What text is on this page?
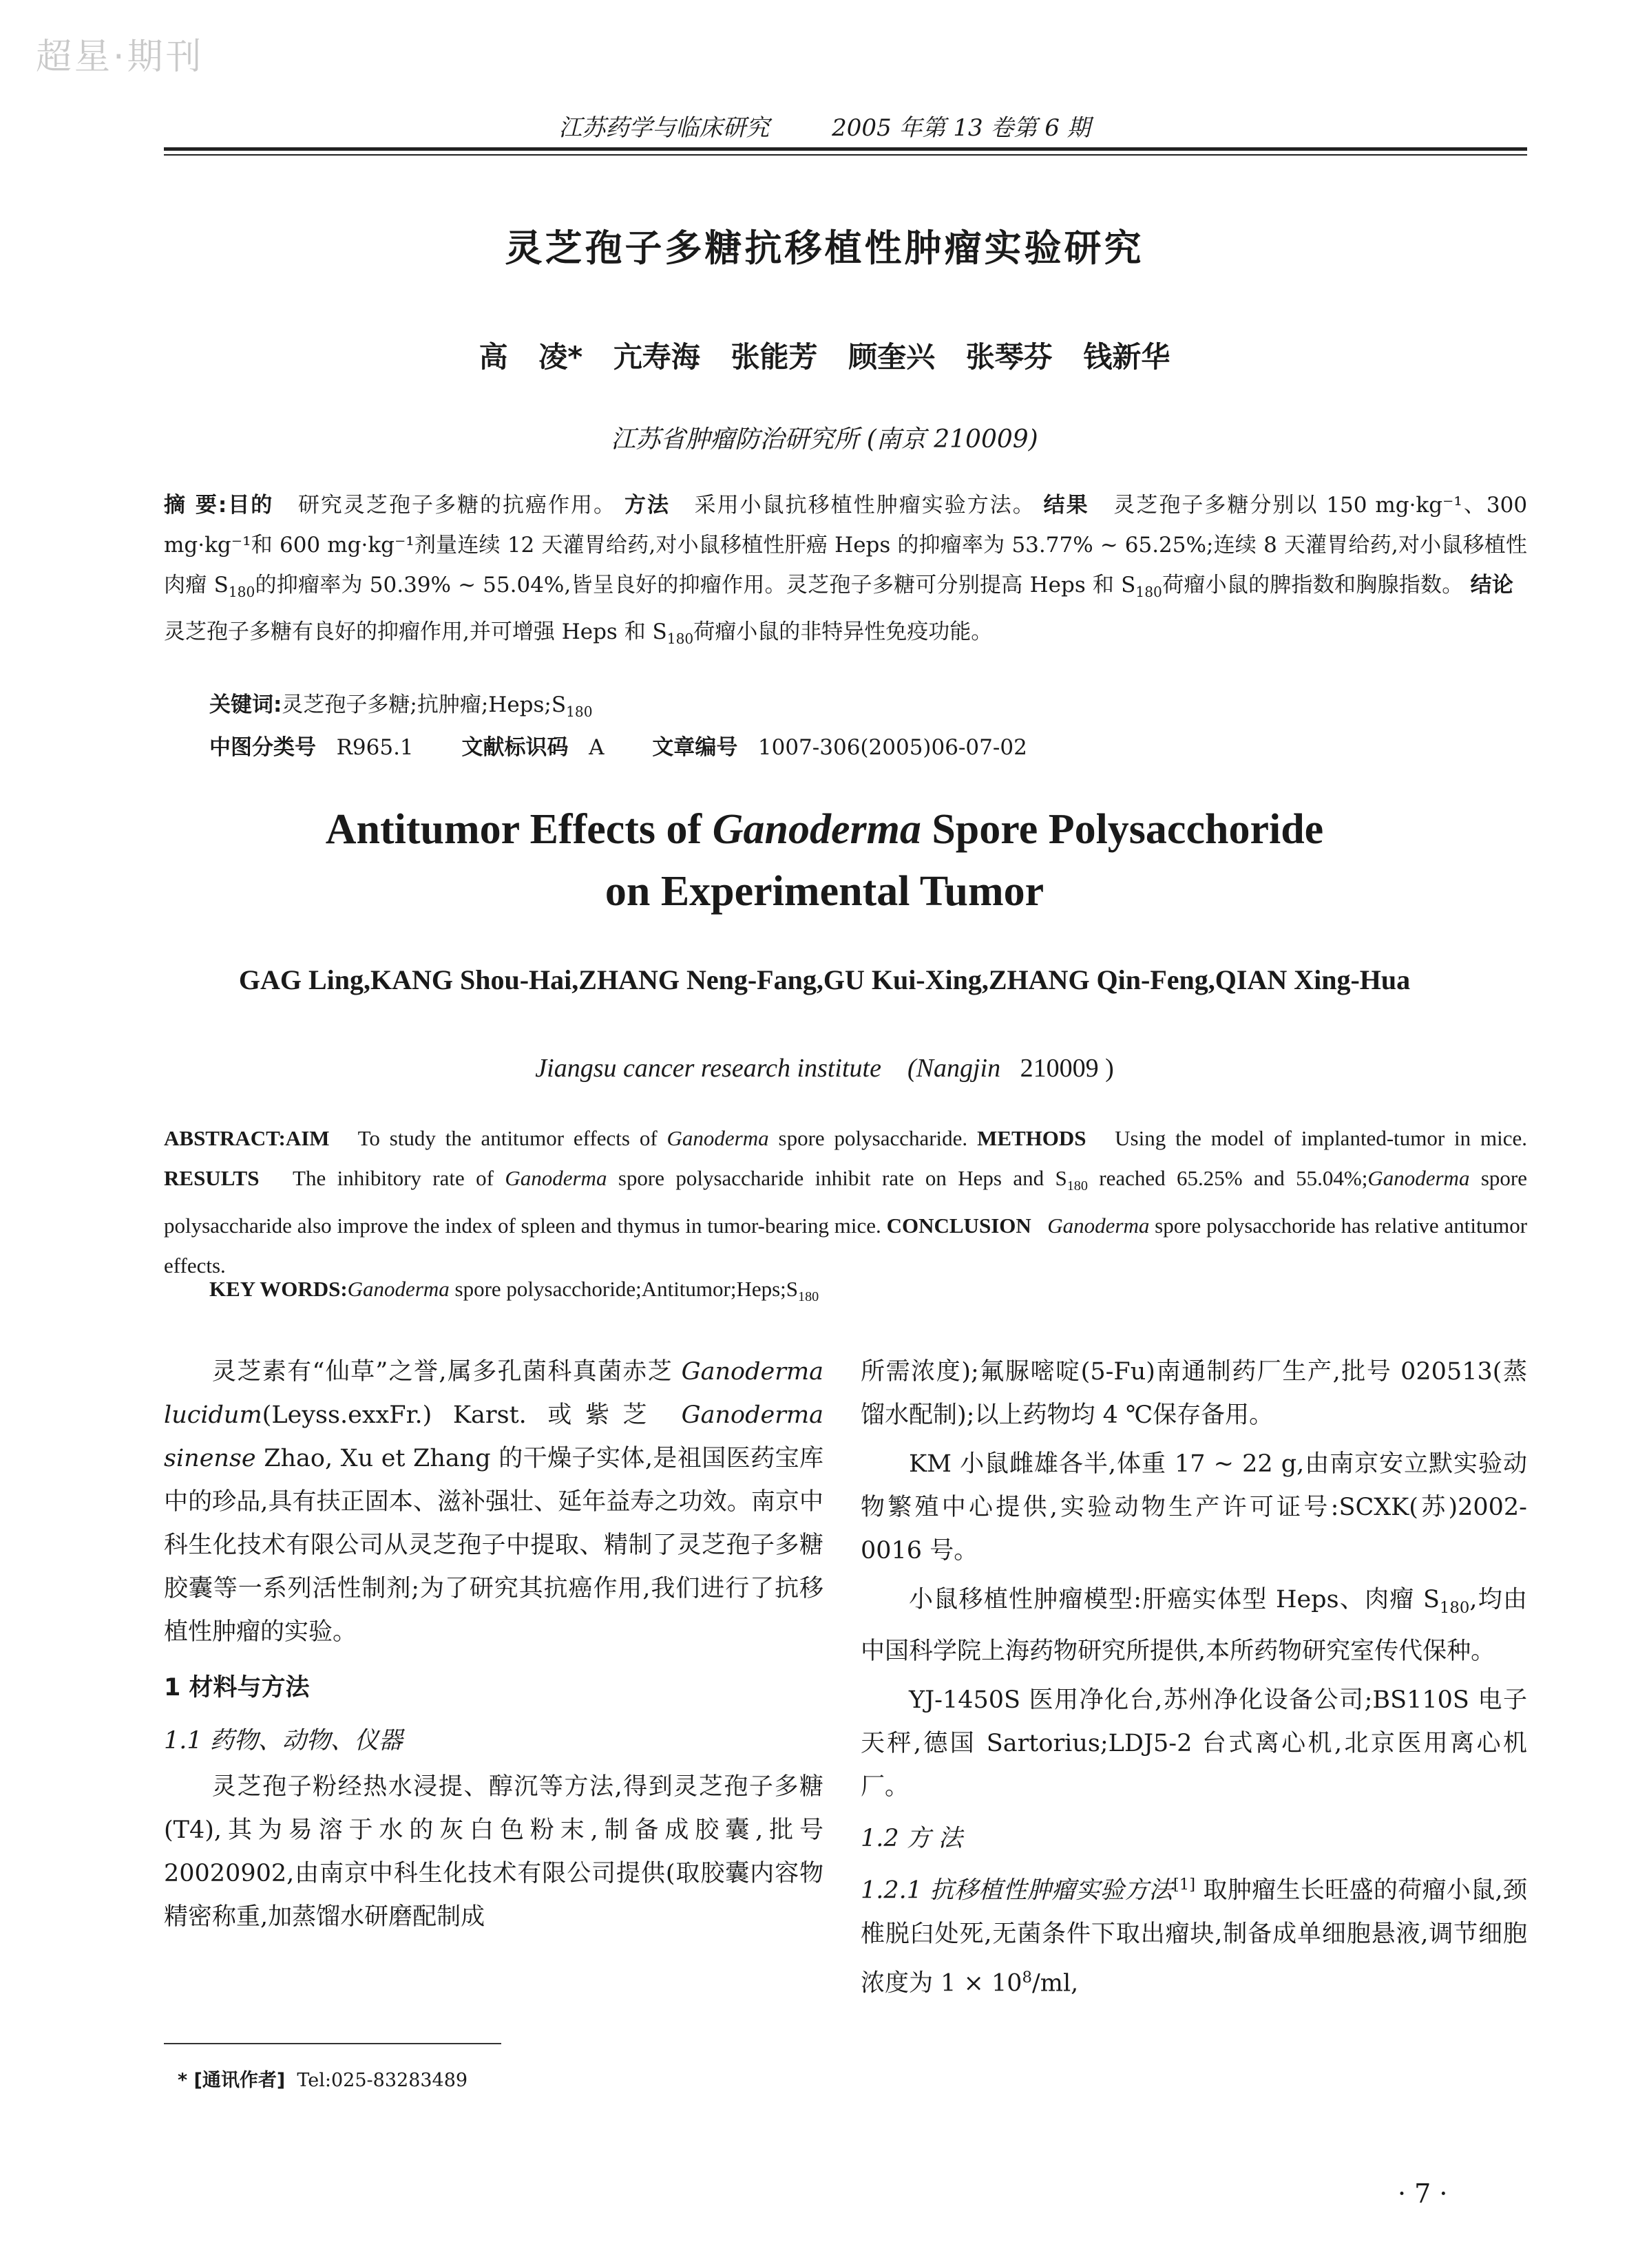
超星·期刊
江苏药学与临床研究	2005 年第 13 卷第 6 期
灵芝孢子多糖抗移植性肿瘤实验研究
高 凌* 亢寿海 张能芳 顾奎兴 张琴芬 钱新华
江苏省肿瘤防治研究所 (南京 210009)
摘 要:目的 研究灵芝孢子多糖的抗癌作用。 方法 采用小鼠抗移植性肿瘤实验方法。 结果 灵芝孢子多糖分别以 150 mg·kg⁻¹、300 mg·kg⁻¹和 600 mg·kg⁻¹剂量连续 12 天灌胃给药,对小鼠移植性肝癌 Heps 的抑瘤率为 53.77% ~ 65.25%;连续 8 天灌胃给药,对小鼠移植性肉瘤 $S_{180}$的抑瘤率为 50.39% ~ 55.04%,皆呈良好的抑瘤作用。灵芝孢子多糖可分别提高 Heps 和 $S_{180}$荷瘤小鼠的脾指数和胸腺指数。 结论   灵芝孢子多糖有良好的抑瘤作用,并可增强 Heps 和 $S_{180}$荷瘤小鼠的非特异性免疫功能。
关键词:灵芝孢子多糖;抗肿瘤$;Heps;S_{180}$
中图分类号 R965.1 文献标识码 A 文章编号 1007-306(2005)06-07-02
Antitumor Effects of Ganoderma Spore Polysacchoride
on Experimental Tumor
GAG Ling,KANG Shou-Hai,ZHANG Neng-Fang,GU Kui-Xing,ZHANG Qin-Feng,QIAN Xing-Hua
Jiangsu cancer research institute (Nangjin 210009 )
ABSTRACT:AIM To study the antitumor effects of Ganoderma spore polysaccharide. METHODS Using the model of implanted-tumor in mice. RESULTS The inhibitory rate of Ganoderma spore polysaccharide inhibit rate on Heps and $S_{180}$ reached 65.25% and 55.04%;Ganoderma spore polysaccharide also improve the index of spleen and thymus in tumor-bearing mice. CONCLUSION Ganoderma spore polysacchoride has relative antitumor effects.
KEY WORDS:Ganoderma spore $polysacchoride;Antitumor;Heps;S_{180}$

灵芝素有“仙草”之誉,属多孔菌科真菌赤芝 Ganoderma lucidum(Leyss.exxFr.) Karst. 或紫芝 Ganoderma sinense Zhao, Xu et Zhang 的干燥子实体,是祖国医药宝库中的珍品,具有扶正固本、滋补强壮、延年益寿之功效。南京中科生化技术有限公司从灵芝孢子中提取、精制了灵芝孢子多糖胶囊等一系列活性制剂;为了研究其抗癌作用,我们进行了抗移植性肿瘤的实验。

1 材料与方法
1.1 药物、动物、仪器

灵芝孢子粉经热水浸提、醇沉等方法,得到灵芝孢子多糖(T4),其为易溶于水的灰白色粉末,制备成胶囊,批号 20020902,由南京中科生化技术有限公司提供(取胶囊内容物精密称重,加蒸馏水研磨配制成

所需浓度);氟脲嘧啶(5-Fu)南通制药厂生产,批号 020513(蒸馏水配制);以上药物均 4 ℃保存备用。

KM 小鼠雌雄各半,体重 17 ~ 22 g,由南京安立默实验动物繁殖中心提供,实验动物生产许可证号:SCXK(苏)2002-0016 号。

小鼠移植性肿瘤模型:肝癌实体型 Heps、肉瘤 $S_{180}$,均由中国科学院上海药物研究所提供,本所药物研究室传代保种。

YJ-1450S 医用净化台,苏州净化设备公司;BS110S 电子天秤,德国 Sartorius;LDJ5-2 台式离心机,北京医用离心机厂。

1.2 方 法

1.2.1 抗移植性肿瘤实验方法[1] 取肿瘤生长旺盛的荷瘤小鼠,颈椎脱臼处死,无菌条件下取出瘤块,制备成单细胞悬液,调节细胞浓度为 $1 \times 10^8/ml$,

* [通讯作者] Tel:025-83283489
· 7 ·
